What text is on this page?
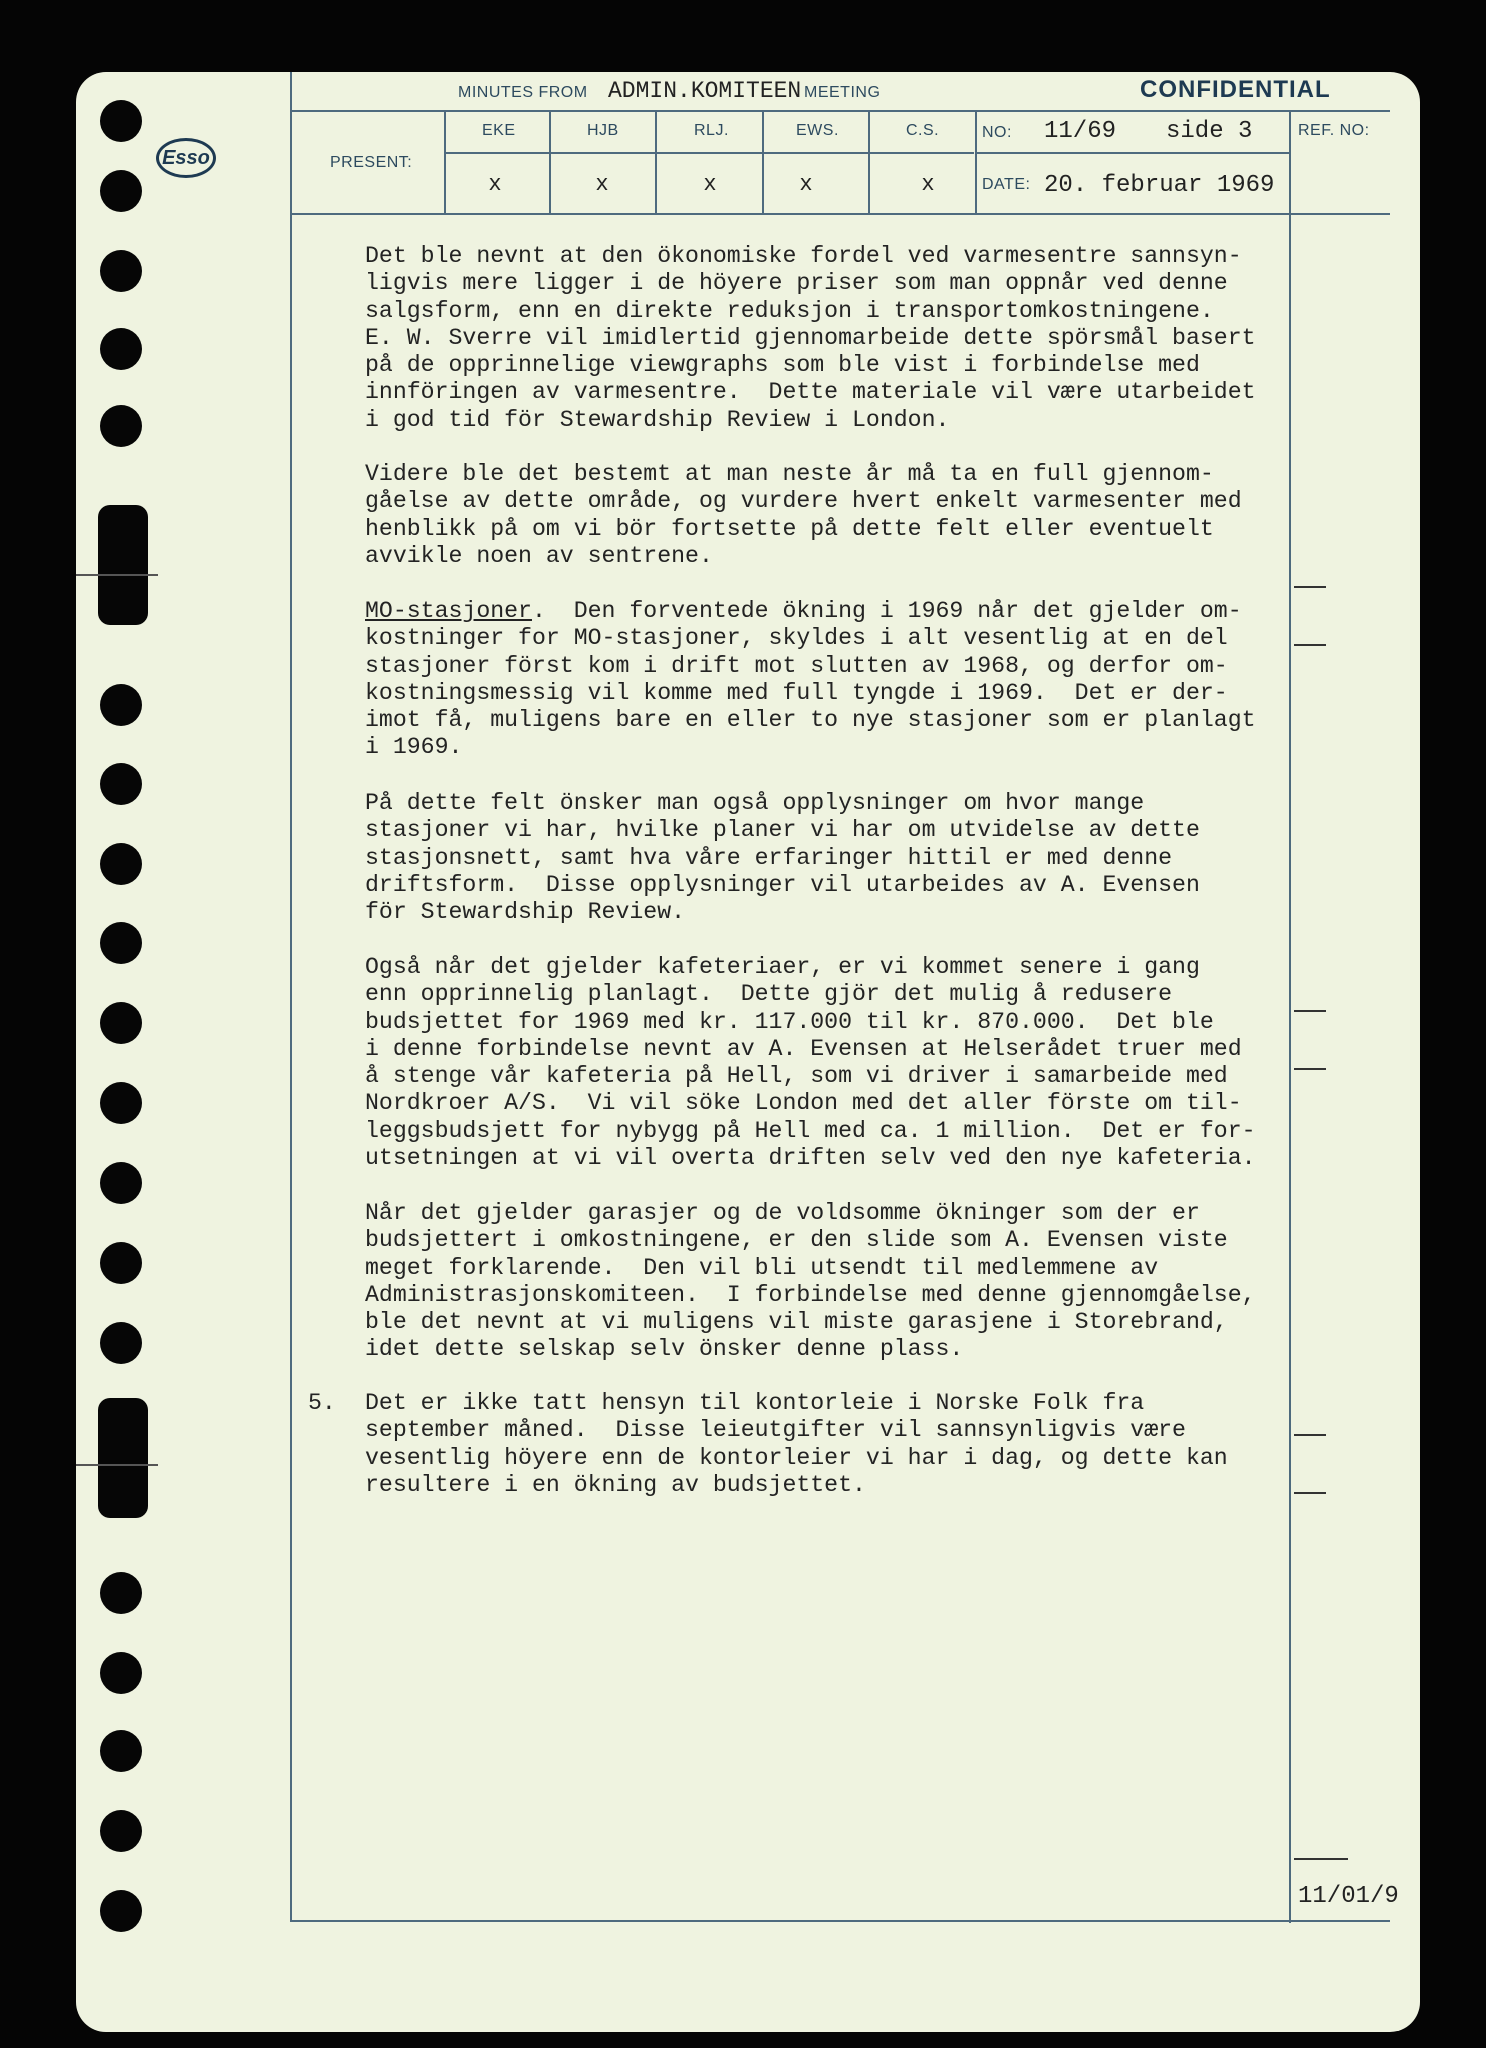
Esso
MINUTES FROM ADMIN.KOMITEEN MEETING	CONFIDENTIAL
PRESENT:
EKE	HJB	RLJ.	EWS.	C.S.
x	x	x	x	x
NO: 11/69 side 3
DATE: 20. februar 1969
REF. NO:

Det ble nevnt at den ökonomiske fordel ved varmesentre sannsyn-

ligvis mere ligger i de höyere priser som man oppnår ved denne

salgsform, enn en direkte reduksjon i transportomkostningene.

E. W. Sverre vil imidlertid gjennomarbeide dette spörsmål basert

på de opprinnelige viewgraphs som ble vist i forbindelse med

innföringen av varmesentre.  Dette materiale vil være utarbeidet

i god tid för Stewardship Review i London.

Videre ble det bestemt at man neste år må ta en full gjennom-

gåelse av dette område, og vurdere hvert enkelt varmesenter med

henblikk på om vi bör fortsette på dette felt eller eventuelt

avvikle noen av sentrene.

MO-stasjoner.  Den forventede ökning i 1969 når det gjelder om-

kostninger for MO-stasjoner, skyldes i alt vesentlig at en del

stasjoner först kom i drift mot slutten av 1968, og derfor om-

kostningsmessig vil komme med full tyngde i 1969.  Det er der-

imot få, muligens bare en eller to nye stasjoner som er planlagt

i 1969.

På dette felt önsker man også opplysninger om hvor mange

stasjoner vi har, hvilke planer vi har om utvidelse av dette

stasjonsnett, samt hva våre erfaringer hittil er med denne

driftsform.  Disse opplysninger vil utarbeides av A. Evensen

för Stewardship Review.

Også når det gjelder kafeteriaer, er vi kommet senere i gang

enn opprinnelig planlagt.  Dette gjör det mulig å redusere

budsjettet for 1969 med kr. 117.000 til kr. 870.000.  Det ble

i denne forbindelse nevnt av A. Evensen at Helserådet truer med

å stenge vår kafeteria på Hell, som vi driver i samarbeide med

Nordkroer A/S.  Vi vil söke London med det aller förste om til-

leggsbudsjett for nybygg på Hell med ca. 1 million.  Det er for-

utsetningen at vi vil overta driften selv ved den nye kafeteria.

Når det gjelder garasjer og de voldsomme ökninger som der er

budsjettert i omkostningene, er den slide som A. Evensen viste

meget forklarende.  Den vil bli utsendt til medlemmene av

Administrasjonskomiteen.  I forbindelse med denne gjennomgåelse,

ble det nevnt at vi muligens vil miste garasjene i Storebrand,

idet dette selskap selv önsker denne plass.

5. Det er ikke tatt hensyn til kontorleie i Norske Folk fra

september måned.  Disse leieutgifter vil sannsynligvis være

vesentlig höyere enn de kontorleier vi har i dag, og dette kan

resultere i en ökning av budsjettet.

11/01/9
